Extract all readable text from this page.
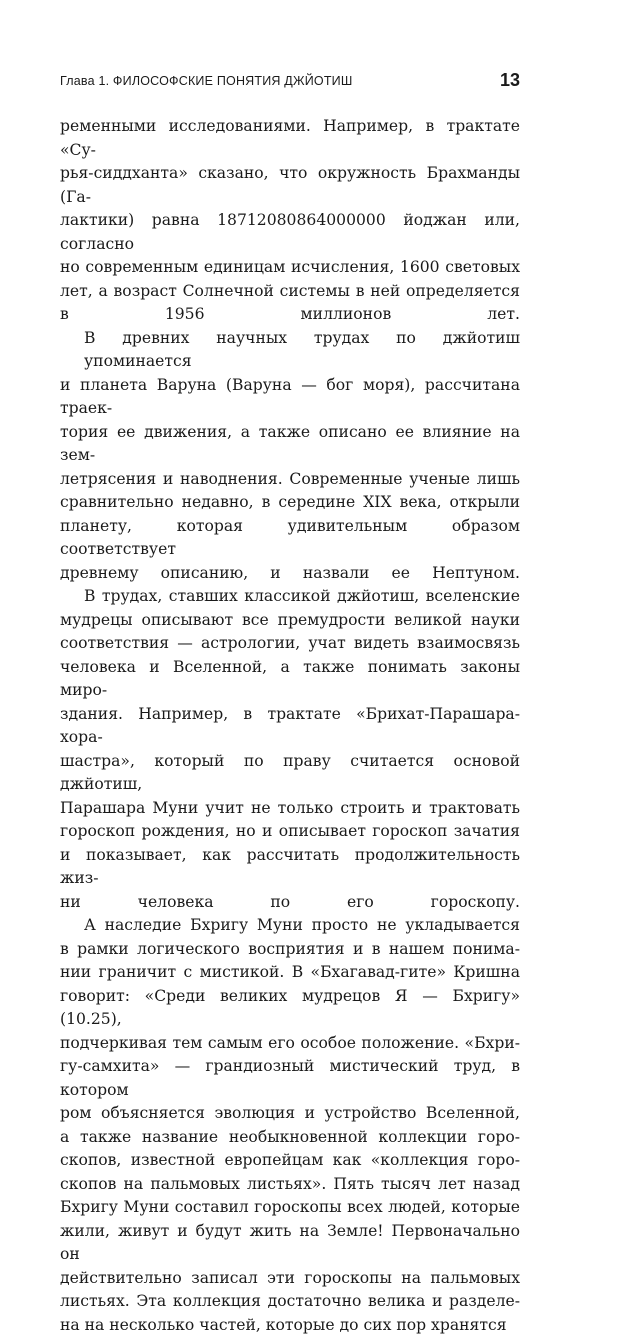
Глава 1. ФИЛОСОФСКИЕ ПОНЯТИЯ ДЖЙОТИШ	13

ременными исследованиями. Например, в трактате «Су-
рья-сиддханта» сказано, что окружность Брахманды (Га-
лактики) равна 18712080864000000 йоджан или, согласно
но современным единицам исчисления, 1600 световых
лет, а возраст Солнечной системы в ней определяется
в 1956 миллионов лет.

В древних научных трудах по джйотиш упоминается
и планета Варуна (Варуна — бог моря), рассчитана траек-
тория ее движения, а также описано ее влияние на зем-
летрясения и наводнения. Современные ученые лишь
сравнительно недавно, в середине XIX века, открыли
планету, которая удивительным образом соответствует
древнему описанию, и назвали ее Нептуном.

В трудах, ставших классикой джйотиш, вселенские
мудрецы описывают все премудрости великой науки
соответствия — астрологии, учат видеть взаимосвязь
человека и Вселенной, а также понимать законы миро-
здания. Например, в трактате «Брихат-Парашара-хора-
шастра», который по праву считается основой джйотиш,
Парашара Муни учит не только строить и трактовать
гороскоп рождения, но и описывает гороскоп зачатия
и показывает, как рассчитать продолжительность жиз-
ни человека по его гороскопу.

А наследие Бхригу Муни просто не укладывается
в рамки логического восприятия и в нашем понима-
нии граничит с мистикой. В «Бхагавад-гите» Кришна
говорит: «Среди великих мудрецов Я — Бхригу» (10.25),
подчеркивая тем самым его особое положение. «Бхри-
гу-самхита» — грандиозный мистический труд, в котором
ром объясняется эволюция и устройство Вселенной,
а также название необыкновенной коллекции горо-
скопов, известной европейцам как «коллекция горо-
скопов на пальмовых листьях». Пять тысяч лет назад
Бхригу Муни составил гороскопы всех людей, которые
жили, живут и будут жить на Земле! Первоначально он
действительно записал эти гороскопы на пальмовых
листьях. Эта коллекция достаточно велика и разделе-
на на несколько частей, которые до сих пор хранятся
